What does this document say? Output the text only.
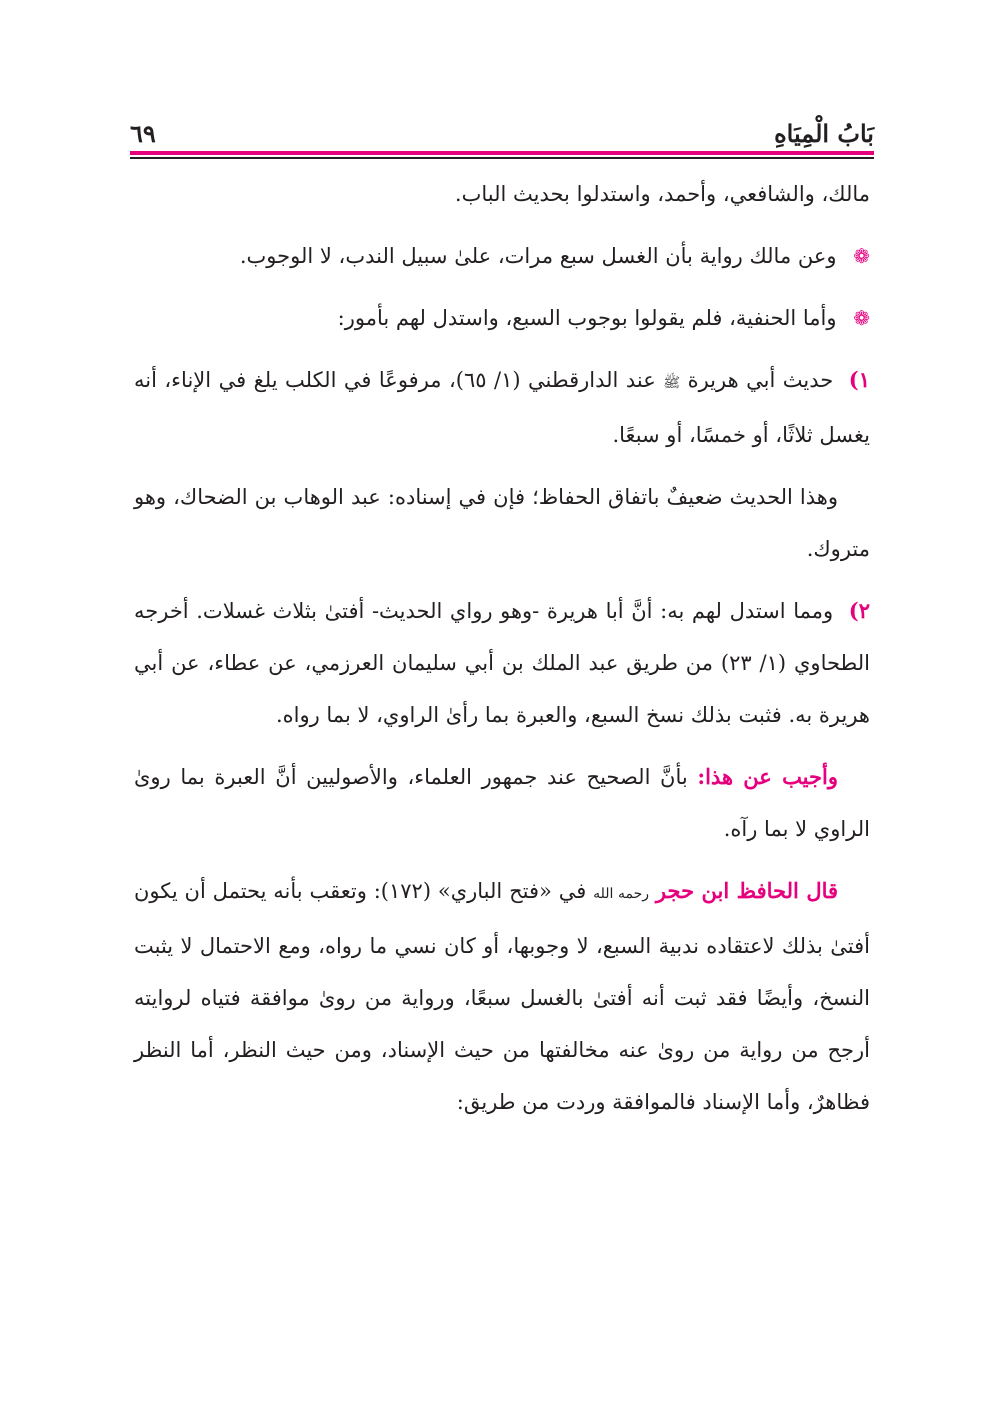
٦٩	بَابُ الْمِيَاهِ

مالك، والشافعي، وأحمد، واستدلوا بحديث الباب.

❁ وعن مالك رواية بأن الغسل سبع مرات، علىٰ سبيل الندب، لا الوجوب.

❁ وأما الحنفية، فلم يقولوا بوجوب السبع، واستدل لهم بأمور:

١) حديث أبي هريرة ﷺ عند الدارقطني (١/ ٦٥)، مرفوعًا في الكلب يلغ في الإناء، أنه يغسل ثلاثًا، أو خمسًا، أو سبعًا.

وهذا الحديث ضعيفٌ باتفاق الحفاظ؛ فإن في إسناده: عبد الوهاب بن الضحاك، وهو متروك.

٢) ومما استدل لهم به: أنَّ أبا هريرة -وهو رواي الحديث- أفتىٰ بثلاث غسلات. أخرجه الطحاوي (١/ ٢٣) من طريق عبد الملك بن أبي سليمان العرزمي، عن عطاء، عن أبي هريرة به. فثبت بذلك نسخ السبع، والعبرة بما رأىٰ الراوي، لا بما رواه.

وأجيب عن هذا: بأنَّ الصحيح عند جمهور العلماء، والأصوليين أنَّ العبرة بما روىٰ الراوي لا بما رآه.

قال الحافظ ابن حجر رحمه الله في «فتح الباري» (١٧٢): وتعقب بأنه يحتمل أن يكون أفتىٰ بذلك لاعتقاده ندبية السبع، لا وجوبها، أو كان نسي ما رواه، ومع الاحتمال لا يثبت النسخ، وأيضًا فقد ثبت أنه أفتىٰ بالغسل سبعًا، ورواية من روىٰ موافقة فتياه لروايته أرجح من رواية من روىٰ عنه مخالفتها من حيث الإسناد، ومن حيث النظر، أما النظر فظاهرٌ، وأما الإسناد فالموافقة وردت من طريق:
